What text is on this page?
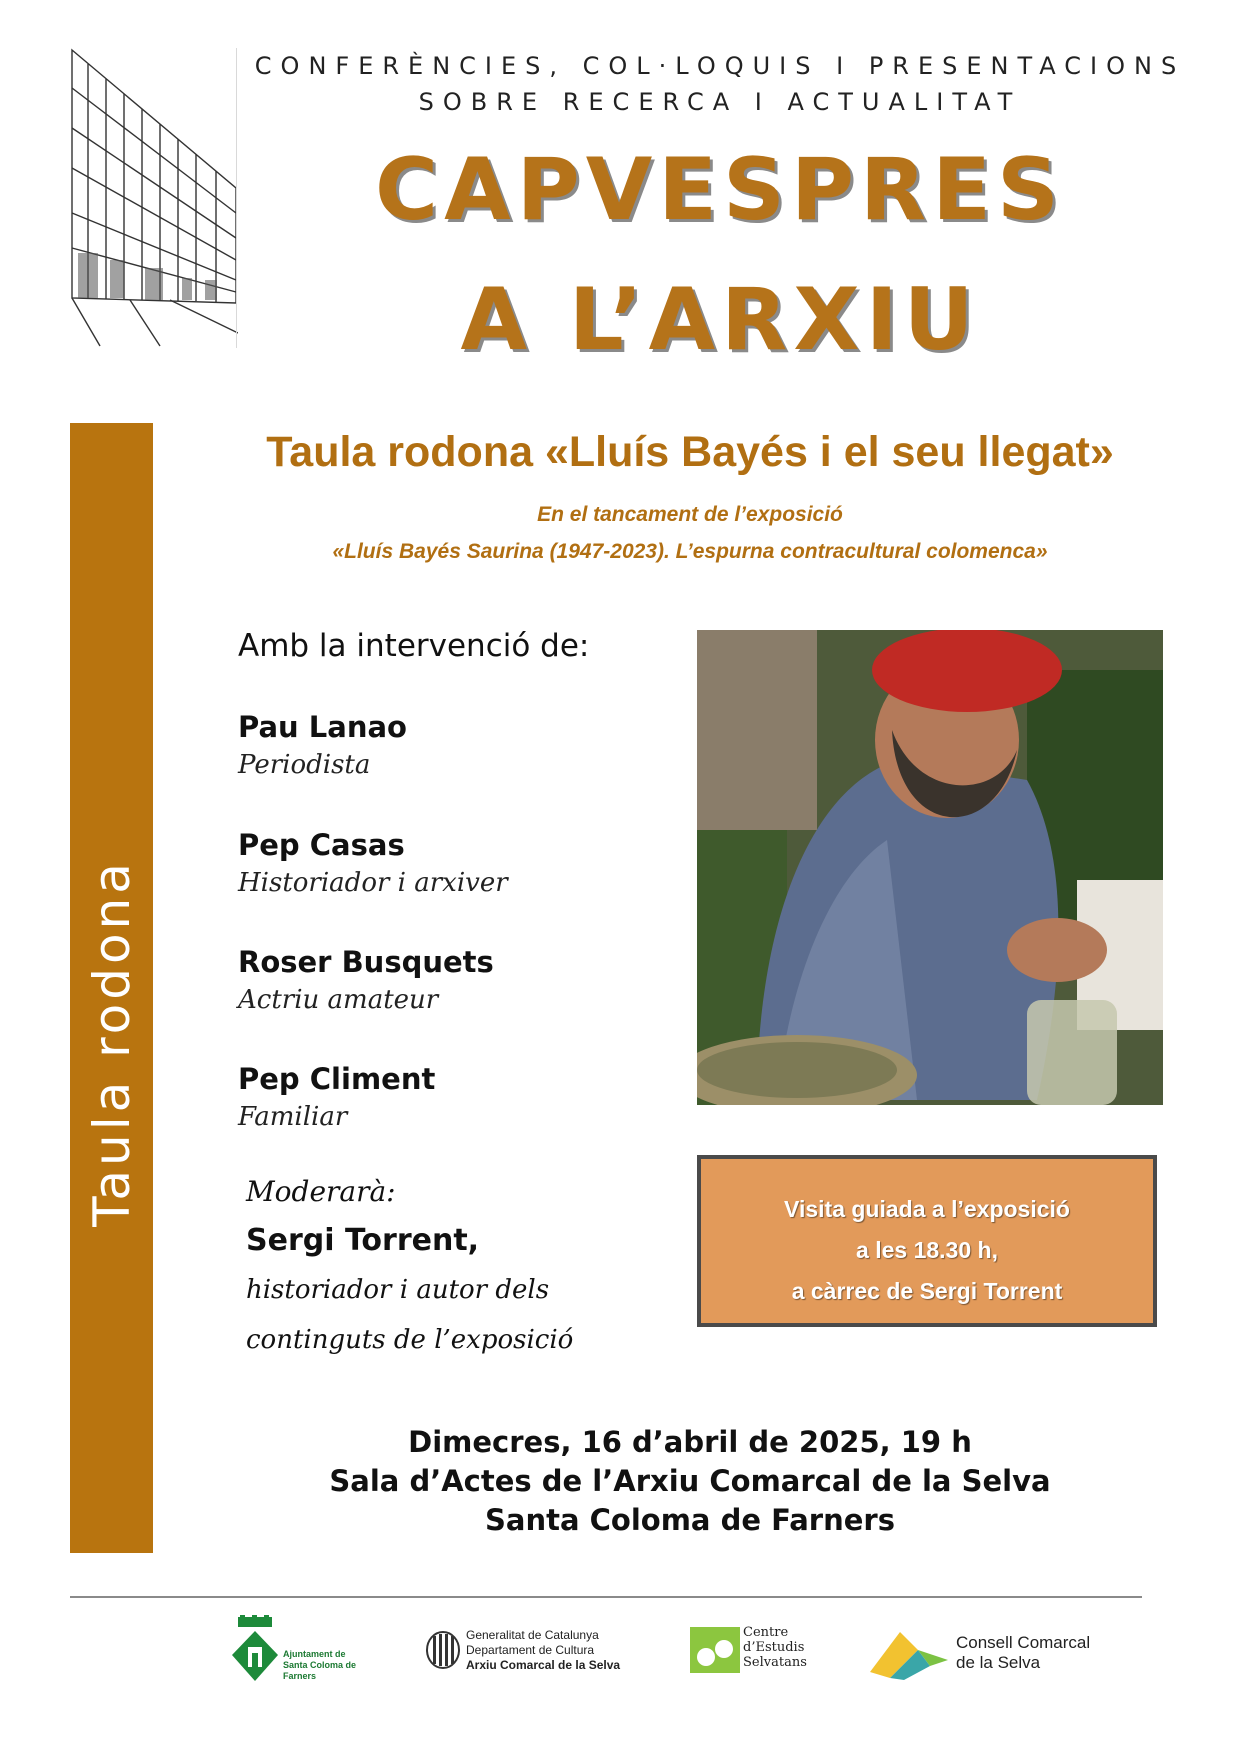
CONFERÈNCIES, COL·LOQUIS I PRESENTACIONS
SOBRE RECERCA I ACTUALITAT
CAPVESPRES
A L’ARXIU
Taula rodona
Taula rodona «Lluís Bayés i el seu llegat»
En el tancament de l’exposició
«Lluís Bayés Saurina (1947-2023). L’espurna contracultural colomenca»
Amb la intervenció de:
Pau Lanao
Periodista
Pep Casas
Historiador i arxiver
Roser Busquets
Actriu amateur
Pep Climent
Familiar
Moderarà:
Sergi Torrent,
historiador i autor dels
continguts de l’exposició
Visita guiada a l’exposició
a les 18.30 h,
a càrrec de Sergi Torrent
Dimecres, 16 d’abril de 2025, 19 h
Sala d’Actes de l’Arxiu Comarcal de la Selva
Santa Coloma de Farners
Ajuntament de
Santa Coloma de Farners
Generalitat de Catalunya
Departament de Cultura
Arxiu Comarcal de la Selva
Centre
d’Estudis
Selvatans
Consell Comarcal
de la Selva
